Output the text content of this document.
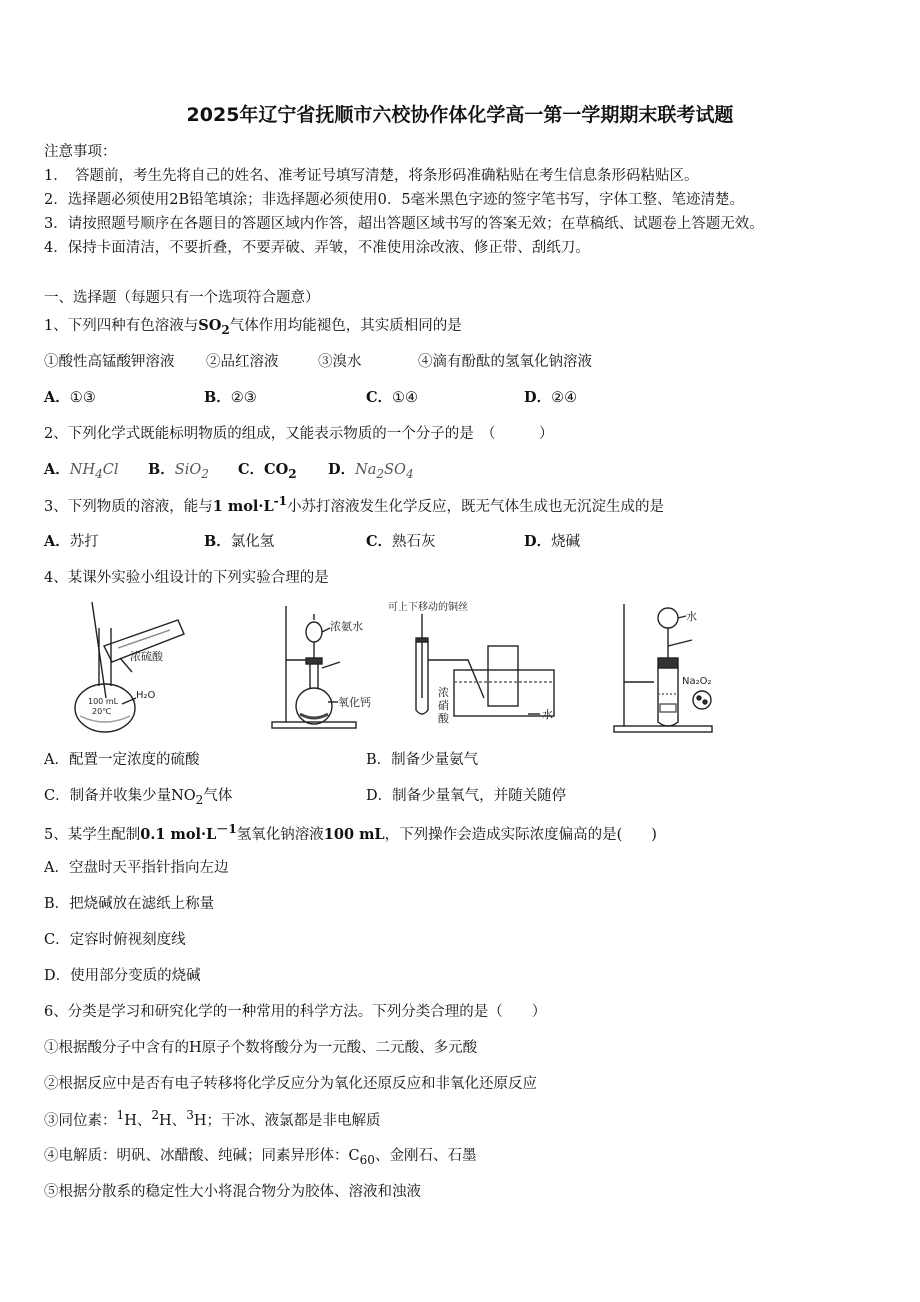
2025年辽宁省抚顺市六校协作体化学高一第一学期期末联考试题
注意事项：
1．　答题前，考生先将自己的姓名、准考证号填写清楚，将条形码准确粘贴在考生信息条形码粘贴区。
2．选择题必须使用2B铅笔填涂；非选择题必须使用0．5毫米黑色字迹的签字笔书写，字体工整、笔迹清楚。
3．请按照题号顺序在各题目的答题区域内作答，超出答题区域书写的答案无效；在草稿纸、试题卷上答题无效。
4．保持卡面清洁，不要折叠，不要弄破、弄皱，不准使用涂改液、修正带、刮纸刀。
一、选择题（每题只有一个选项符合题意）
1、下列四种有色溶液与$SO_2$气体作用均能褪色，其实质相同的是
①酸性高锰酸钾溶液 ②品红溶液	③溴水	④滴有酚酞的氢氧化钠溶液
A．①③	B．②③	C．①④	D．②④
2、下列化学式既能标明物质的组成，又能表示物质的一个分子的是　（　　　）
A．$NH_4Cl$ B．SiO$_2$ C．$CO_2$ D．$Na_2SO_4$
3、下列物质的溶液，能与1 $mol\cdot L^{-1}$小苏打溶液发生化学反应，既无气体生成也无沉淀生成的是
A．苏打	B．氯化氢	C．熟石灰	D．烧碱
4、某课外实验小组设计的下列实验合理的是
浓硫酸
100 mL
20℃
H₂O
浓氨水
氧化钙
可上下移动的铜丝
浓
硝
酸	水
水
Na₂O₂
A．配置一定浓度的硫酸	B．制备少量氨气
C．制备并收集少量$NO_2$气体	D．制备少量氧气，并随关随停
5、某学生配制0.1 $mol\cdot L^{-1}$氢氧化钠溶液100 mL，下列操作会造成实际浓度偏高的是(　　)
A．空盘时天平指针指向左边
B．把烧碱放在滤纸上称量
C．定容时俯视刻度线
D．使用部分变质的烧碱
6、分类是学习和研究化学的一种常用的科学方法。下列分类合理的是（　　）
①根据酸分子中含有的H原子个数将酸分为一元酸、二元酸、多元酸
②根据反应中是否有电子转移将化学反应分为氧化还原反应和非氧化还原反应
③同位素：$^1$H、$^2$H、$^3$H；干冰、液氯都是非电解质
④电解质：明矾、冰醋酸、纯碱；同素异形体：$C_{60}$、金刚石、石墨
⑤根据分散系的稳定性大小将混合物分为胶体、溶液和浊液
